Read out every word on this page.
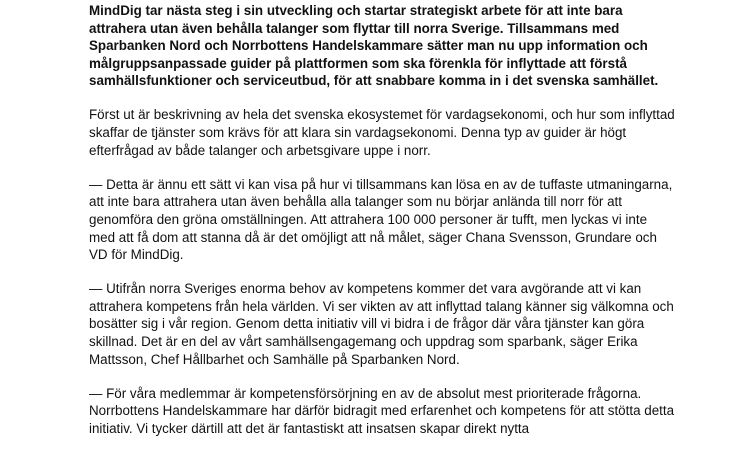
MindDig tar nästa steg i sin utveckling och startar strategiskt arbete för att inte bara attrahera utan även behålla talanger som flyttar till norra Sverige. Tillsammans med Sparbanken Nord och Norrbottens Handelskammare sätter man nu upp information och målgruppsanpassade guider på plattformen som ska förenkla för inflyttade att förstå samhällsfunktioner och serviceutbud, för att snabbare komma in i det svenska samhället.

Först ut är beskrivning av hela det svenska ekosystemet för vardagsekonomi, och hur som inflyttad skaffar de tjänster som krävs för att klara sin vardagsekonomi. Denna typ av guider är högt efterfrågad av både talanger och arbetsgivare uppe i norr.

— Detta är ännu ett sätt vi kan visa på hur vi tillsammans kan lösa en av de tuffaste utmaningarna, att inte bara attrahera utan även behålla alla talanger som nu börjar anlända till norr för att genomföra den gröna omställningen. Att attrahera 100 000 personer är tufft, men lyckas vi inte med att få dom att stanna då är det omöjligt att nå målet, säger Chana Svensson, Grundare och VD för MindDig.

— Utifrån norra Sveriges enorma behov av kompetens kommer det vara avgörande att vi kan attrahera kompetens från hela världen. Vi ser vikten av att inflyttad talang känner sig välkomna och bosätter sig i vår region. Genom detta initiativ vill vi bidra i de frågor där våra tjänster kan göra skillnad. Det är en del av vårt samhällsengagemang och uppdrag som sparbank, säger Erika Mattsson, Chef Hållbarhet och Samhälle på Sparbanken Nord.

— För våra medlemmar är kompetensförsörjning en av de absolut mest prioriterade frågorna. Norrbottens Handelskammare har därför bidragit med erfarenhet och kompetens för att stötta detta initiativ. Vi tycker därtill att det är fantastiskt att insatsen skapar direkt nytta
